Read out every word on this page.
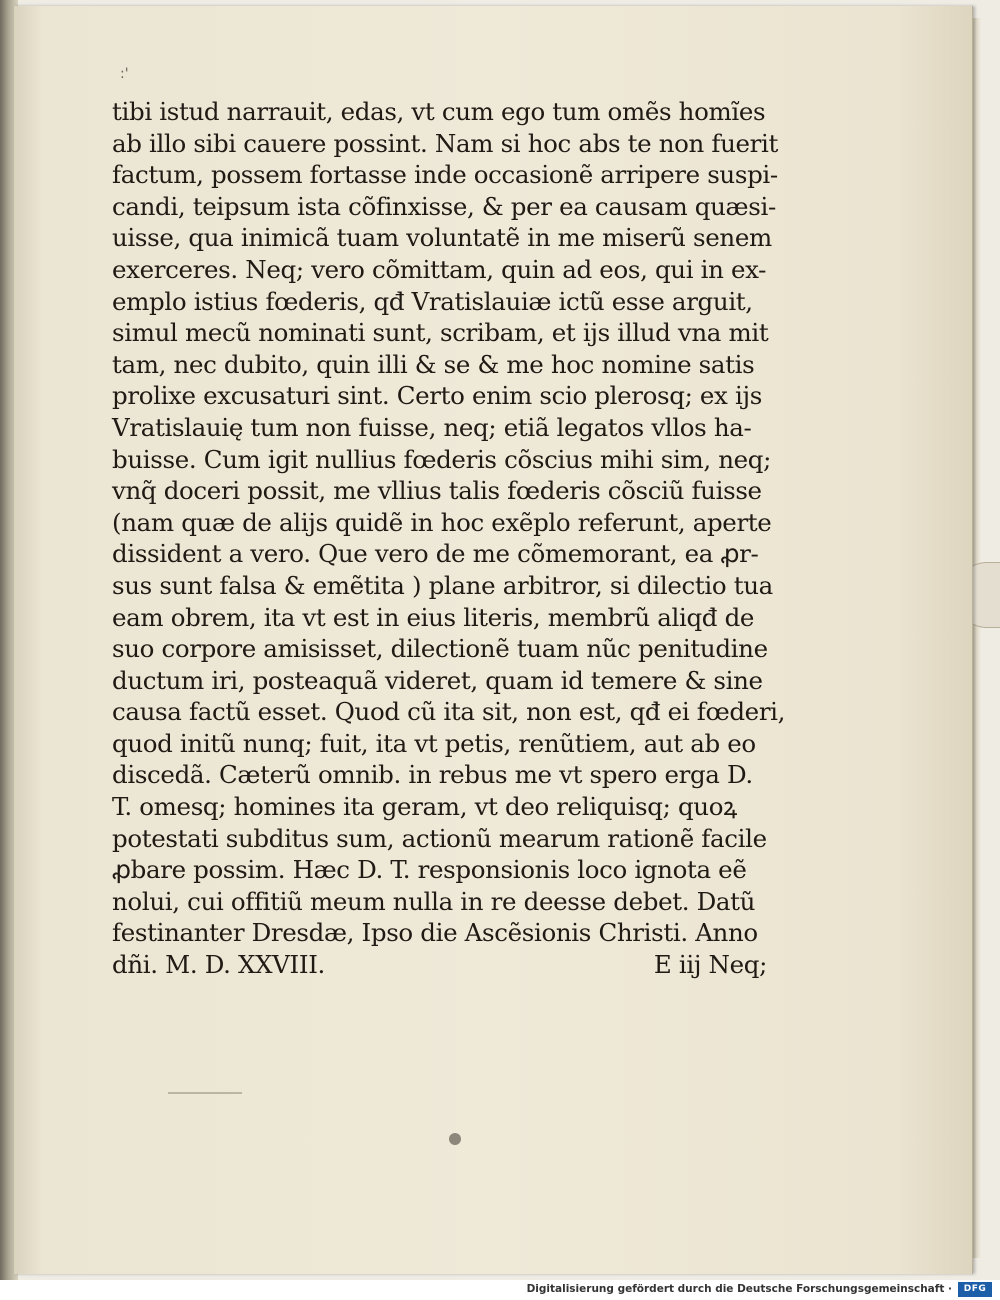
:'
tibi istud narrauit, edas, vt cum ego tum omẽs homĩes
ab illo sibi cauere possint. Nam si hoc abs te non fuerit
factum, possem fortasse inde occasionẽ arripere suspi-
candi, teipsum ista cõfinxisse, & per ea causam quæsi-
uisse, qua inimicã tuam voluntatẽ in me miserũ senem
exerceres. Neq; vero cõmittam, quin ad eos, qui in ex-
emplo istius fœderis, qđ Vratislauiæ ictũ esse arguit,
simul mecũ nominati sunt, scribam, et ijs illud vna mit
tam, nec dubito, quin illi & se & me hoc nomine satis
prolixe excusaturi sint. Certo enim scio plerosq; ex ijs
Vratislauię tum non fuisse, neq; etiã legatos vllos ha-
buisse. Cum igit nullius fœderis cõscius mihi sim, neq;
vnq̃ doceri possit, me vllius talis fœderis cõsciũ fuisse
(nam quæ de alijs quidẽ in hoc exẽplo referunt, aperte
dissident a vero. Que vero de me cõmemorant, ea ꝓr-
sus sunt falsa & emẽtita ) plane arbitror, si dilectio tua
eam obrem, ita vt est in eius literis, membrũ aliqđ de
suo corpore amisisset, dilectionẽ tuam nũc penitudine
ductum iri, posteaquã videret, quam id temere & sine
causa factũ esset. Quod cũ ita sit, non est, qđ ei fœderi,
quod initũ nunq; fuit, ita vt petis, renũtiem, aut ab eo
discedã. Cæterũ omnib. in rebus me vt spero erga D.
T. omesq; homines ita geram, vt deo reliquisq; quoꝝ
potestati subditus sum, actionũ mearum rationẽ facile
ꝓbare possim. Hæc D. T. responsionis loco ignota eẽ
nolui, cui offitiũ meum nulla in re deesse debet. Datũ
festinanter Dresdæ, Ipso die Ascẽsionis Christi. Anno
dñi. M. D. XXVIII.	E iij Neq;
Digitalisierung gefördert durch die Deutsche Forschungsgemeinschaft ·	DFG
